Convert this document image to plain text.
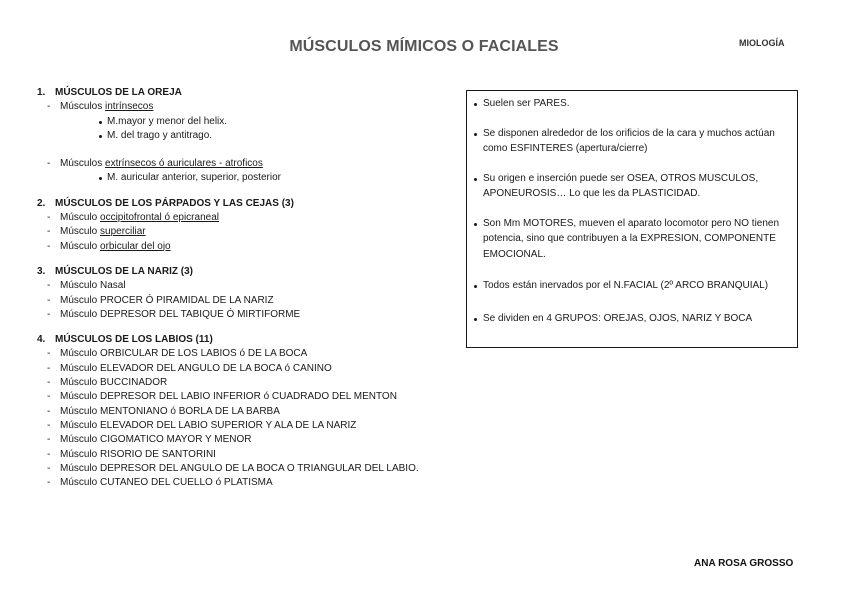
MÚSCULOS MÍMICOS O FACIALES	MIOLOGÍA

1. MÚSCULOS DE LA OREJA

- Músculos intrínsecos
M.mayor y menor del helix.
M. del trago y antitrago.
- Músculos extrínsecos ó auriculares - atroficos
M. auricular anterior, superior, posterior

2. MÚSCULOS DE LOS PÁRPADOS Y LAS CEJAS (3)

- Músculo occipitofrontal ó epicraneal
- Músculo superciliar
- Músculo orbicular del ojo

3. MÚSCULOS DE LA NARIZ (3)

- Músculo Nasal
- Músculo PROCER Ó PIRAMIDAL DE LA NARIZ
- Músculo DEPRESOR DEL TABIQUE Ó MIRTIFORME

4. MÚSCULOS DE LOS LABIOS (11)

- Músculo ORBICULAR DE LOS LABIOS ó DE LA BOCA
- Músculo ELEVADOR DEL ANGULO DE LA BOCA ó CANINO
- Músculo BUCCINADOR
- Músculo DEPRESOR DEL LABIO INFERIOR ó CUADRADO DEL MENTON
- Músculo MENTONIANO ó BORLA DE LA BARBA
- Músculo ELEVADOR DEL LABIO SUPERIOR Y ALA DE LA NARIZ
- Músculo CIGOMATICO MAYOR Y MENOR
- Músculo RISORIO DE SANTORINI
- Músculo DEPRESOR DEL ANGULO DE LA BOCA O TRIANGULAR DEL LABIO.
- Músculo CUTANEO DEL CUELLO ó PLATISMA
Suelen ser PARES.
Se disponen alrededor de los orificios de la cara y muchos actúan como ESFINTERES (apertura/cierre)
Su origen e inserción puede ser OSEA, OTROS MUSCULOS, APONEUROSIS… Lo que les da PLASTICIDAD.
Son Mm MOTORES, mueven el aparato locomotor pero NO tienen potencia, sino que contribuyen a la EXPRESION, COMPONENTE EMOCIONAL.
Todos están inervados por el N.FACIAL (2º ARCO BRANQUIAL)
Se dividen en 4 GRUPOS: OREJAS, OJOS, NARIZ Y BOCA
ANA ROSA GROSSO
